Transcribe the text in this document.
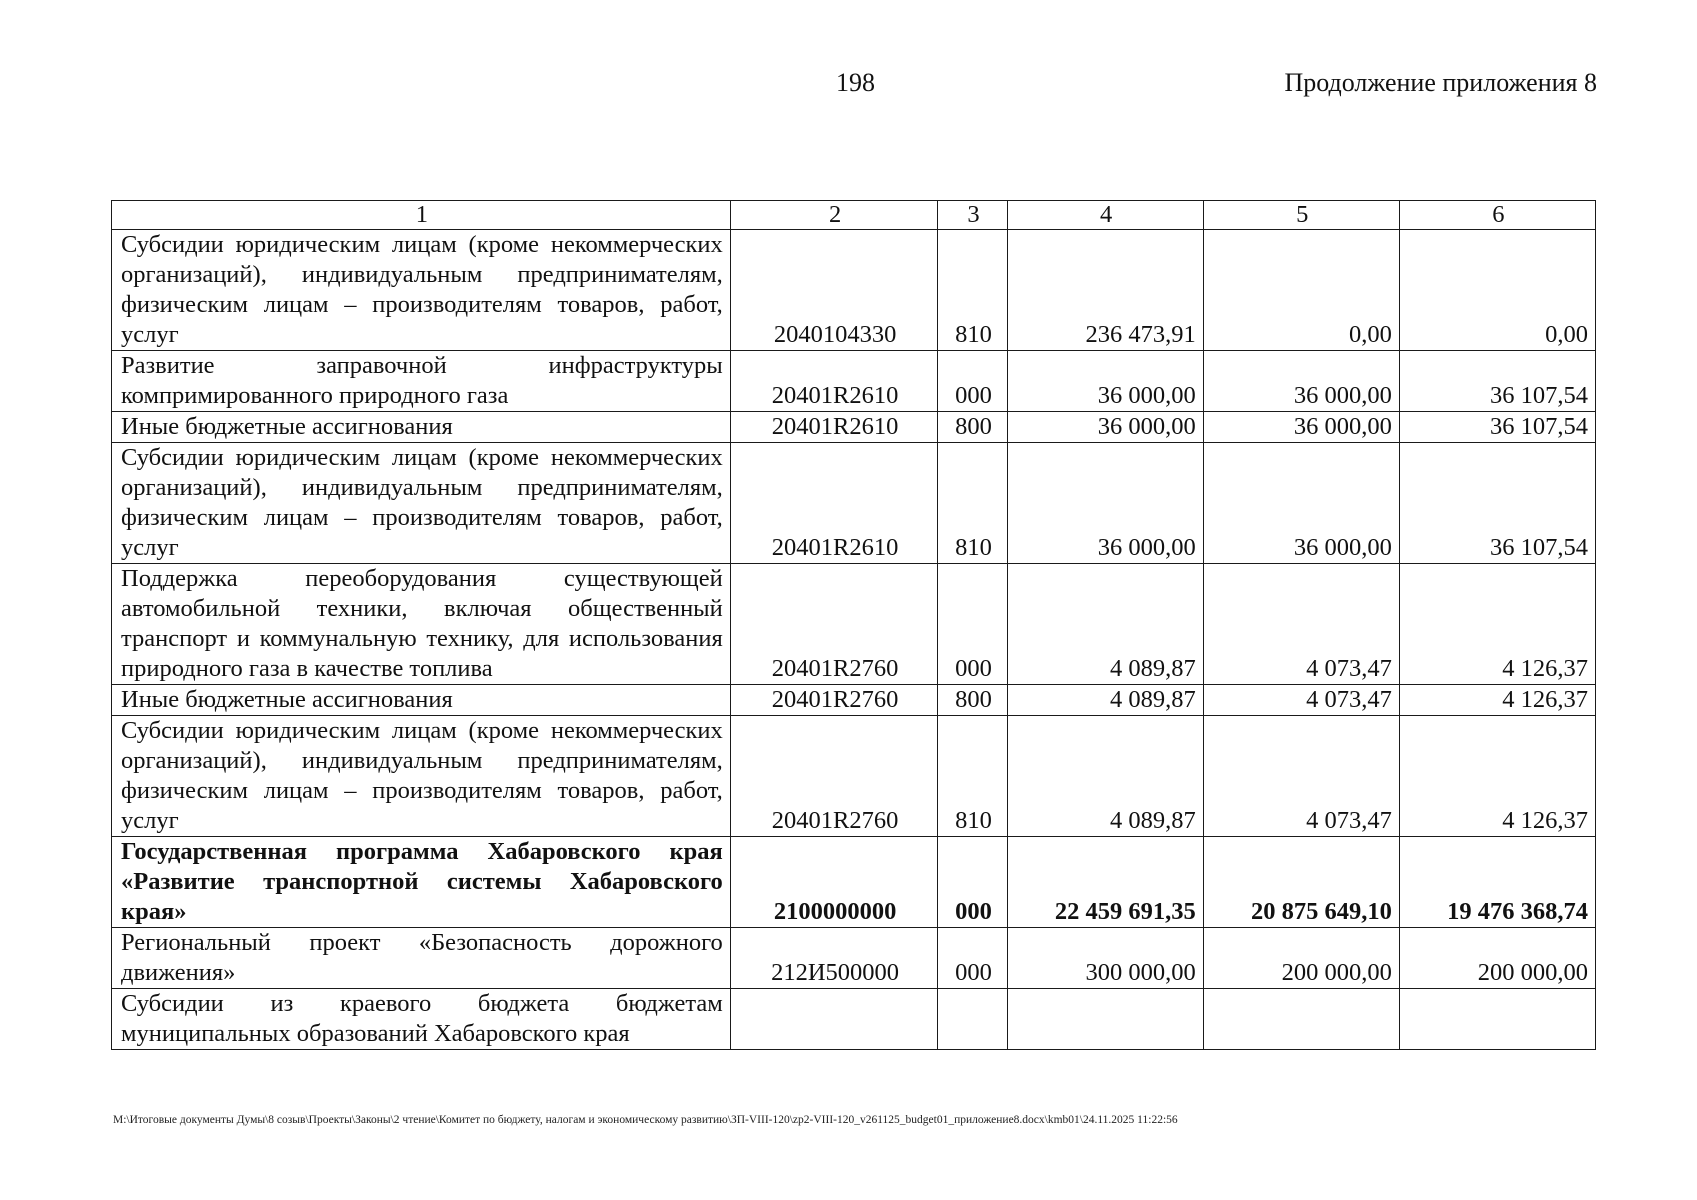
198	Продолжение приложения 8
1	2	3	4	5	6
Субсидии юридическим лицам (кроме некоммерческих организаций), индивидуальным предпринимателям, физическим лицам – производителям товаров, работ, услуг	2040104330	810	236 473,91	0,00	0,00
Развитие заправочной инфраструктуры компримированного природного газа	20401R2610	000	36 000,00	36 000,00	36 107,54
Иные бюджетные ассигнования	20401R2610	800	36 000,00	36 000,00	36 107,54
Субсидии юридическим лицам (кроме некоммерческих организаций), индивидуальным предпринимателям, физическим лицам – производителям товаров, работ, услуг	20401R2610	810	36 000,00	36 000,00	36 107,54
Поддержка переоборудования существующей автомобильной техники, включая общественный транспорт и коммунальную технику, для использования природного газа в качестве топлива	20401R2760	000	4 089,87	4 073,47	4 126,37
Иные бюджетные ассигнования	20401R2760	800	4 089,87	4 073,47	4 126,37
Субсидии юридическим лицам (кроме некоммерческих организаций), индивидуальным предпринимателям, физическим лицам – производителям товаров, работ, услуг	20401R2760	810	4 089,87	4 073,47	4 126,37
Государственная программа Хабаровского края «Развитие транспортной системы Хабаровского края»	2100000000	000	22 459 691,35	20 875 649,10	19 476 368,74
Региональный проект «Безопасность дорожного движения»	212И500000	000	300 000,00	200 000,00	200 000,00
Субсидии из краевого бюджета бюджетам муниципальных образований Хабаровского края					
M:\Итоговые документы Думы\8 созыв\Проекты\Законы\2 чтение\Комитет по бюджету, налогам и экономическому развитию\ЗП-VIII-120\zp2-VIII-120_v261125_budget01_приложение8.docx\kmb01\24.11.2025 11:22:56
